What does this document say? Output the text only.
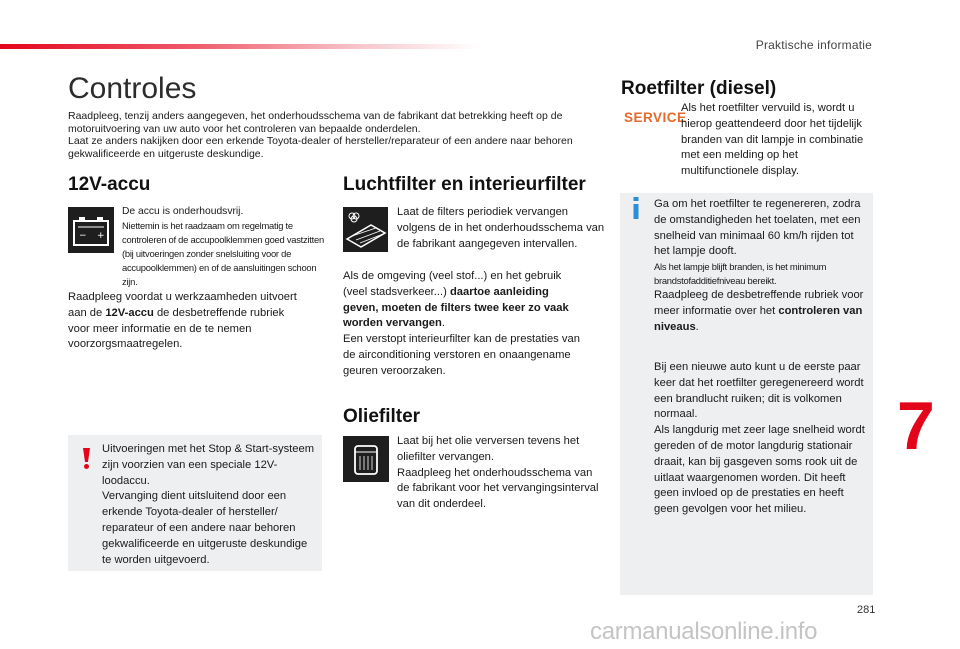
Praktische informatie
Controles

Raadpleeg, tenzij anders aangegeven, het onderhoudsschema van de fabrikant dat betrekking heeft op de motoruitvoering van uw auto voor het controleren van bepaalde onderdelen.

Laat ze anders nakijken door een erkende Toyota-dealer of hersteller/reparateur of een andere naar behoren gekwalificeerde en uitgeruste deskundige.

12V-accu
− +

De accu is onderhoudsvrij.

Niettemin is het raadzaam om regelmatig te controleren of de accupoolklemmen goed vastzitten (bij uitvoeringen zonder snelsluiting voor de accupoolklemmen) en of de aansluitingen schoon zijn.

Raadpleeg voordat u werkzaamheden uitvoert aan de 12V-accu de desbetreffende rubriek voor meer informatie en de te nemen voorzorgsmaatregelen.

Uitvoeringen met het Stop & Start-systeem zijn voorzien van een speciale 12V-loodaccu.

Vervanging dient uitsluitend door een erkende Toyota-dealer of hersteller/ reparateur of een andere naar behoren gekwalificeerde en uitgeruste deskundige te worden uitgevoerd.

Luchtfilter en interieurfilter
Laat de filters periodiek vervangen volgens de in het onderhoudsschema van de fabrikant aangegeven intervallen.

Als de omgeving (veel stof...) en het gebruik (veel stadsverkeer...) daartoe aanleiding geven, moeten de filters twee keer zo vaak worden vervangen.

Een verstopt interieurfilter kan de prestaties van de airconditioning verstoren en onaangename geuren veroorzaken.

Oliefilter

Laat bij het olie verversen tevens het oliefilter vervangen.

Raadpleeg het onderhoudsschema van de fabrikant voor het vervangingsinterval van dit onderdeel.

Roetfilter (diesel)
SERVICE
Als het roetfilter vervuild is, wordt u hierop geattendeerd door het tijdelijk branden van dit lampje in combinatie met een melding op het multifunctionele display.

Ga om het roetfilter te regenereren, zodra de omstandigheden het toelaten, met een snelheid van minimaal 60 km/h rijden tot het lampje dooft.

Als het lampje blijft branden, is het minimum brandstofadditiefniveau bereikt.

Raadpleeg de desbetreffende rubriek voor meer informatie over het controleren van niveaus.

Bij een nieuwe auto kunt u de eerste paar keer dat het roetfilter geregenereerd wordt een brandlucht ruiken; dit is volkomen normaal.

Als langdurig met zeer lage snelheid wordt gereden of de motor langdurig stationair draait, kan bij gasgeven soms rook uit de uitlaat waargenomen worden. Dit heeft geen invloed op de prestaties en heeft geen gevolgen voor het milieu.

7
281
carmanualsonline.info
